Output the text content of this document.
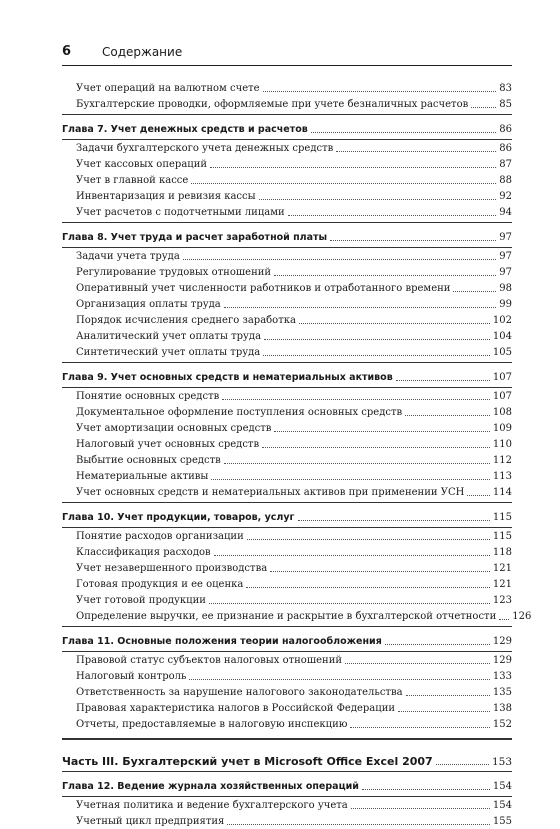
6	Содержание
Учет операций на валютном счете	83
Бухгалтерские проводки, оформляемые при учете безналичных расчетов	85
Глава 7. Учет денежных средств и расчетов	86
Задачи бухгалтерского учета денежных средств	86
Учет кассовых операций	87
Учет в главной кассе	88
Инвентаризация и ревизия кассы	92
Учет расчетов с подотчетными лицами	94
Глава 8. Учет труда и расчет заработной платы	97
Задачи учета труда	97
Регулирование трудовых отношений	97
Оперативный учет численности работников и отработанного времени	98
Организация оплаты труда	99
Порядок исчисления среднего заработка	102
Аналитический учет оплаты труда	104
Синтетический учет оплаты труда	105
Глава 9. Учет основных средств и нематериальных активов	107
Понятие основных средств	107
Документальное оформление поступления основных средств	108
Учет амортизации основных средств	109
Налоговый учет основных средств	110
Выбытие основных средств	112
Нематериальные активы	113
Учет основных средств и нематериальных активов при применении УСН	114
Глава 10. Учет продукции, товаров, услуг	115
Понятие расходов организации	115
Классификация расходов	118
Учет незавершенного производства	121
Готовая продукция и ее оценка	121
Учет готовой продукции	123
Определение выручки, ее признание и раскрытие в бухгалтерской отчетности	126
Глава 11. Основные положения теории налогообложения	129
Правовой статус субъектов налоговых отношений	129
Налоговый контроль	133
Ответственность за нарушение налогового законодательства	135
Правовая характеристика налогов в Российской Федерации	138
Отчеты, предоставляемые в налоговую инспекцию	152
Часть III. Бухгалтерский учет в Microsoft Office Excel 2007	153
Глава 12. Ведение журнала хозяйственных операций	154
Учетная политика и ведение бухгалтерского учета	154
Учетный цикл предприятия	155
